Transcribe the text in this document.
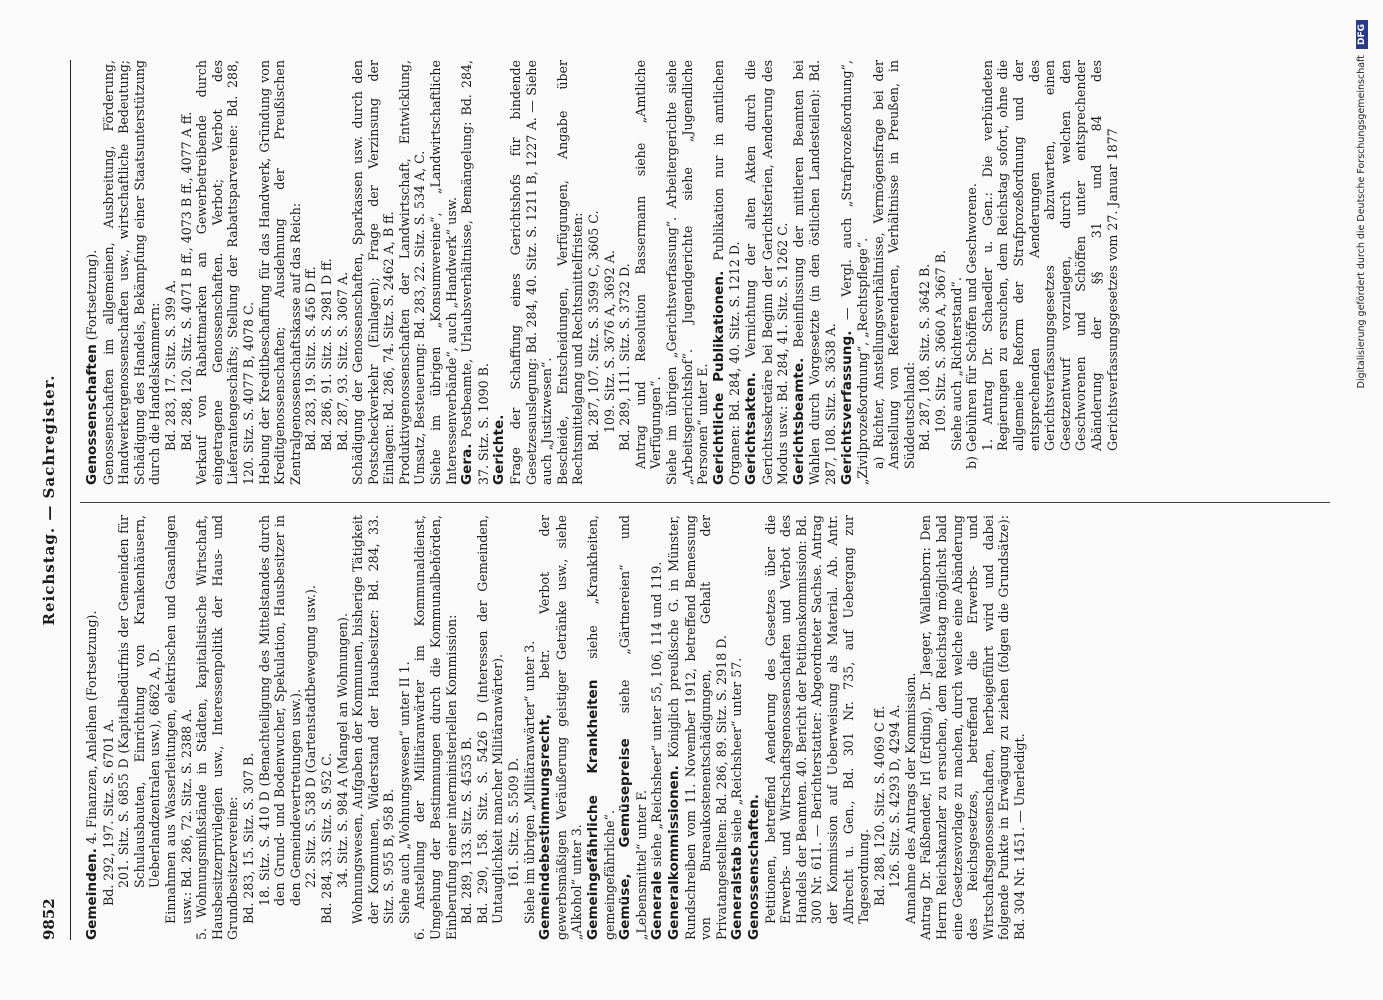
9852
Reichstag. — Sachregister.

Gemeinden. 4. Finanzen, Anleihen (Fortsetzung). Bd. 292, 197. Sitz. S. 6701 A. 201. Sitz. S. 6855 D (Kapitalbedürfnis der Gemeinden für Schulausbauten, Einrichtung von Krankenhäusern, Ueberlandzentralen usw.), 6862 A, D. Einnahmen aus Wasserleitungen, elektrischen und Gasanlagen usw.: Bd. 286, 72. Sitz. S. 2388 A. 5. Wohnungsmißstände in Städten, kapitalistische Wirtschaft, Hausbesitzerprivilegien usw., Interessenpolitik der Haus- und Grundbesitzervereine: Bd. 283, 15. Sitz. S. 307 B. 18. Sitz. S. 410 D (Benachteiligung des Mittelstandes durch den Grund- und Bodenwucher, Spekulation, Hausbesitzer in den Gemeindevertretungen usw.). 22. Sitz. S. 538 D (Gartenstadtbewegung usw.). Bd. 284, 33. Sitz. S. 952 C. 34. Sitz. S. 984 A (Mangel an Wohnungen). Wohnungswesen, Aufgaben der Kommunen, bisherige Tätigkeit der Kommunen, Widerstand der Hausbesitzer: Bd. 284, 33. Sitz. S. 955 B, 958 B. Siehe auch „Wohnungswesen“ unter II 1. 6. Anstellung der Militäranwärter im Kommunaldienst, Umgehung der Bestimmungen durch die Kommunalbehörden, Einberufung einer interministeriellen Kommission: Bd. 289, 133. Sitz. S. 4535 B. Bd. 290, 158. Sitz. S. 5426 D (Interessen der Gemeinden, Untauglichkeit mancher Militäranwärter). 161. Sitz. S. 5509 D. Siehe im übrigen „Militäranwärter“ unter 3. Gemeindebestimmungsrecht, betr. Verbot der gewerbsmäßigen Veräußerung geistiger Getränke usw., siehe „Alkohol“ unter 3. Gemeingefährliche Krankheiten siehe „Krankheiten, gemeingefährliche“. Gemüse, Gemüsepreise siehe „Gärtnereien“ und „Lebensmittel“ unter F. Generale siehe „Reichsheer“ unter 55, 106, 114 und 119. Generalkommissionen. Königlich preußische G. in Münster, Rundschreiben vom 11. November 1912, betreffend Bemessung von Bureaukostenentschädigungen, Gehalt der Privatangestellten: Bd. 286, 89. Sitz. S. 2918 D. Generalstab siehe „Reichsheer“ unter 57.

Genossenschaften. Petitionen, betreffend Aenderung des Gesetzes über die Erwerbs- und Wirtschaftsgenossenschaften und Verbot des Handels der Beamten. 40. Bericht der Petitionskommission: Bd. 300 Nr. 611. — Berichterstatter: Abgeordneter Sachse. Antrag der Kommission auf Ueberweisung als Material. Ab. Antr. Albrecht u. Gen., Bd. 301 Nr. 735, auf Uebergang zur Tagesordnung. Bd. 288, 120. Sitz. S. 4069 C ff. 126. Sitz. S. 4293 D, 4294 A. Annahme des Antrags der Kommission. Antrag Dr. Faßbender, Irl (Erding), Dr. Jaeger, Wallenborn: Den Herrn Reichskanzler zu ersuchen, dem Reichstag möglichst bald eine Gesetzesvorlage zu machen, durch welche eine Abänderung des Reichsgesetzes, betreffend die Erwerbs- und Wirtschaftsgenossenschaften, herbeigeführt wird und dabei folgende Punkte in Erwägung zu ziehen (folgen die Grundsätze): Bd. 304 Nr. 1451. — Unerledigt.

Genossenschaften (Fortsetzung). Genossenschaften im allgemeinen, Ausbreitung, Förderung, Handwerkergenossenschaften usw., wirtschaftliche Bedeutung; Schädigung des Handels, Bekämpfung einer Staatsunterstützung durch die Handelskammern: Bd. 283, 17. Sitz. S. 399 A. Bd. 288, 120. Sitz. S. 4071 B ff., 4073 B ff., 4077 A ff. Verkauf von Rabattmarken an Gewerbetreibende durch eingetragene Genossenschaften. Verbot; Verbot des Lieferantengeschäfts; Stellung der Rabattsparvereine: Bd. 288, 120. Sitz. S. 4077 B, 4078 C. Hebung der Kreditbeschaffung für das Handwerk, Gründung von Kreditgenossenschaften; Ausdehnung der Preußischen Zentralgenossenschaftskasse auf das Reich: Bd. 283, 19. Sitz. S. 456 D ff. Bd. 286, 91. Sitz. S. 2981 D ff. Bd. 287, 93. Sitz. S. 3067 A. Schädigung der Genossenschaften, Sparkassen usw. durch den Postscheckverkehr (Einlagen); Frage der Verzinsung der Einlagen: Bd. 286, 74. Sitz. S. 2462 A, B ff. Produktivgenossenschaften der Landwirtschaft, Entwicklung, Umsatz, Besteuerung: Bd. 283, 22. Sitz. S. 534 A, C. Siehe im übrigen „Konsumvereine“, „Landwirtschaftliche Interessenverbände“, auch „Handwerk“ usw. Gera. Postbeamte, Urlaubsverhältnisse, Bemängelung: Bd. 284, 37. Sitz. S. 1090 B. Gerichte. Frage der Schaffung eines Gerichtshofs für bindende Gesetzesauslegung: Bd. 284, 40. Sitz. S. 1211 B, 1227 A. — Siehe auch „Justizwesen“. Bescheide, Entscheidungen, Verfügungen, Angabe über Rechtsmittelgang und Rechtsmittelfristen: Bd. 287, 107. Sitz. S. 3599 C, 3605 C. 109. Sitz. S. 3676 A, 3692 A. Bd. 289, 111. Sitz. S. 3732 D. Antrag und Resolution Bassermann siehe „Amtliche Verfügungen“. Siehe im übrigen „Gerichtsverfassung“. Arbeitergerichte siehe „Arbeitsgerichtshof“. Jugendgerichte siehe „Jugendliche Personen“ unter E. Gerichtliche Publikationen. Publikation nur in amtlichen Organen: Bd. 284, 40. Sitz. S. 1212 D. Gerichtsakten. Vernichtung der alten Akten durch die Gerichtssekretäre bei Beginn der Gerichtsferien, Aenderung des Modus usw.: Bd. 284, 41. Sitz. S. 1262 C. Gerichtsbeamte. Beeinflussung der mittleren Beamten bei Wahlen durch Vorgesetzte (in den östlichen Landesteilen): Bd. 287, 108. Sitz. S. 3638 A. Gerichtsverfassung. — Vergl. auch „Strafprozeßordnung“, „Zivilprozeßordnung“, „Rechtspflege“. a) Richter, Anstellungsverhältnisse, Vermögensfrage bei der Anstellung von Referendaren, Verhältnisse in Preußen, in Süddeutschland: Bd. 287, 108. Sitz. S. 3642 B. 109. Sitz. S. 3660 A, 3667 B. Siehe auch „Richterstand“. b) Gebühren für Schöffen und Geschworene. 1. Antrag Dr. Schaedler u. Gen.: Die verbündeten Regierungen zu ersuchen, dem Reichstag sofort, ohne die allgemeine Reform der Strafprozeßordnung und der entsprechenden Aenderungen des Gerichtsverfassungsgesetzes abzuwarten, einen Gesetzentwurf vorzulegen, durch welchen den Geschworenen und Schöffen unter entsprechender Abänderung der §§ 31 und 84 des Gerichtsverfassungsgesetzes vom 27. Januar 1877	Digitalisierung gefördert durch die Deutsche ForschungsgemeinschaftDFG
